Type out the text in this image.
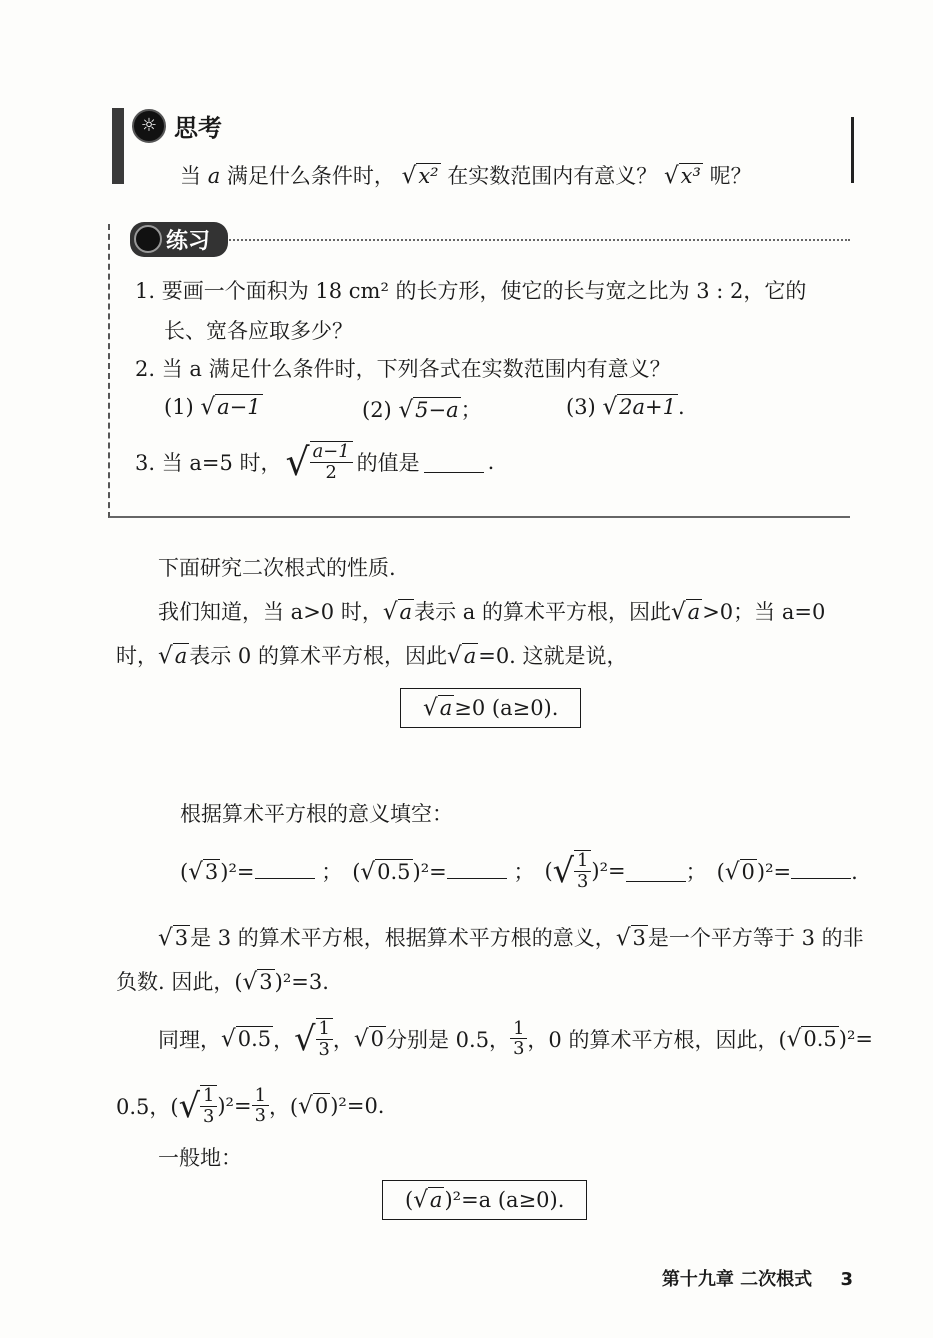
☼ 思考
当 a 满足什么条件时， √ x² 在实数范围内有意义？ √ x³ 呢？
练习
1. 要画一个面积为 18 cm² 的长方形，使它的长与宽之比为 3 : 2，它的
长、宽各应取多少？
2. 当 a 满足什么条件时，下列各式在实数范围内有意义？
(1) √ a−1	(2) √ 5−a ；	(3) √ 2a+1 .
3. 当 a=5 时， √ $\frac{a-1}{2}$ 的值是	.
下面研究二次根式的性质.
我们知道，当 a>0 时， √ a 表示 a 的算术平方根，因此 √ a >0；当 a=0
时， √ a 表示 0 的算术平方根，因此 √ a =0. 这就是说，
√ a ≥0 (a≥0).
根据算术平方根的意义填空：
( √ 3 )²=	； ( √ 0.5 )²=	； ( √ $\frac{1}{3} )^2=$	； ( √ 0 )²=	.
√ 3 是 3 的算术平方根，根据算术平方根的意义， √ 3 是一个平方等于 3 的非
负数. 因此，( √ 3 )²=3.
同理， √ 0.5 ， √ $\frac{1}{3}$ ， √ 0 分别是 0.5， $\frac{1}{3}$ ，0 的算术平方根，因此，( √ 0.5 )²=
0.5，( √ $\frac{1}{3} )^2= \frac{1}{3}$ ，( √ 0 )²=0.
一般地：
( √ a )²=a (a≥0).
第十九章 二次根式 3
